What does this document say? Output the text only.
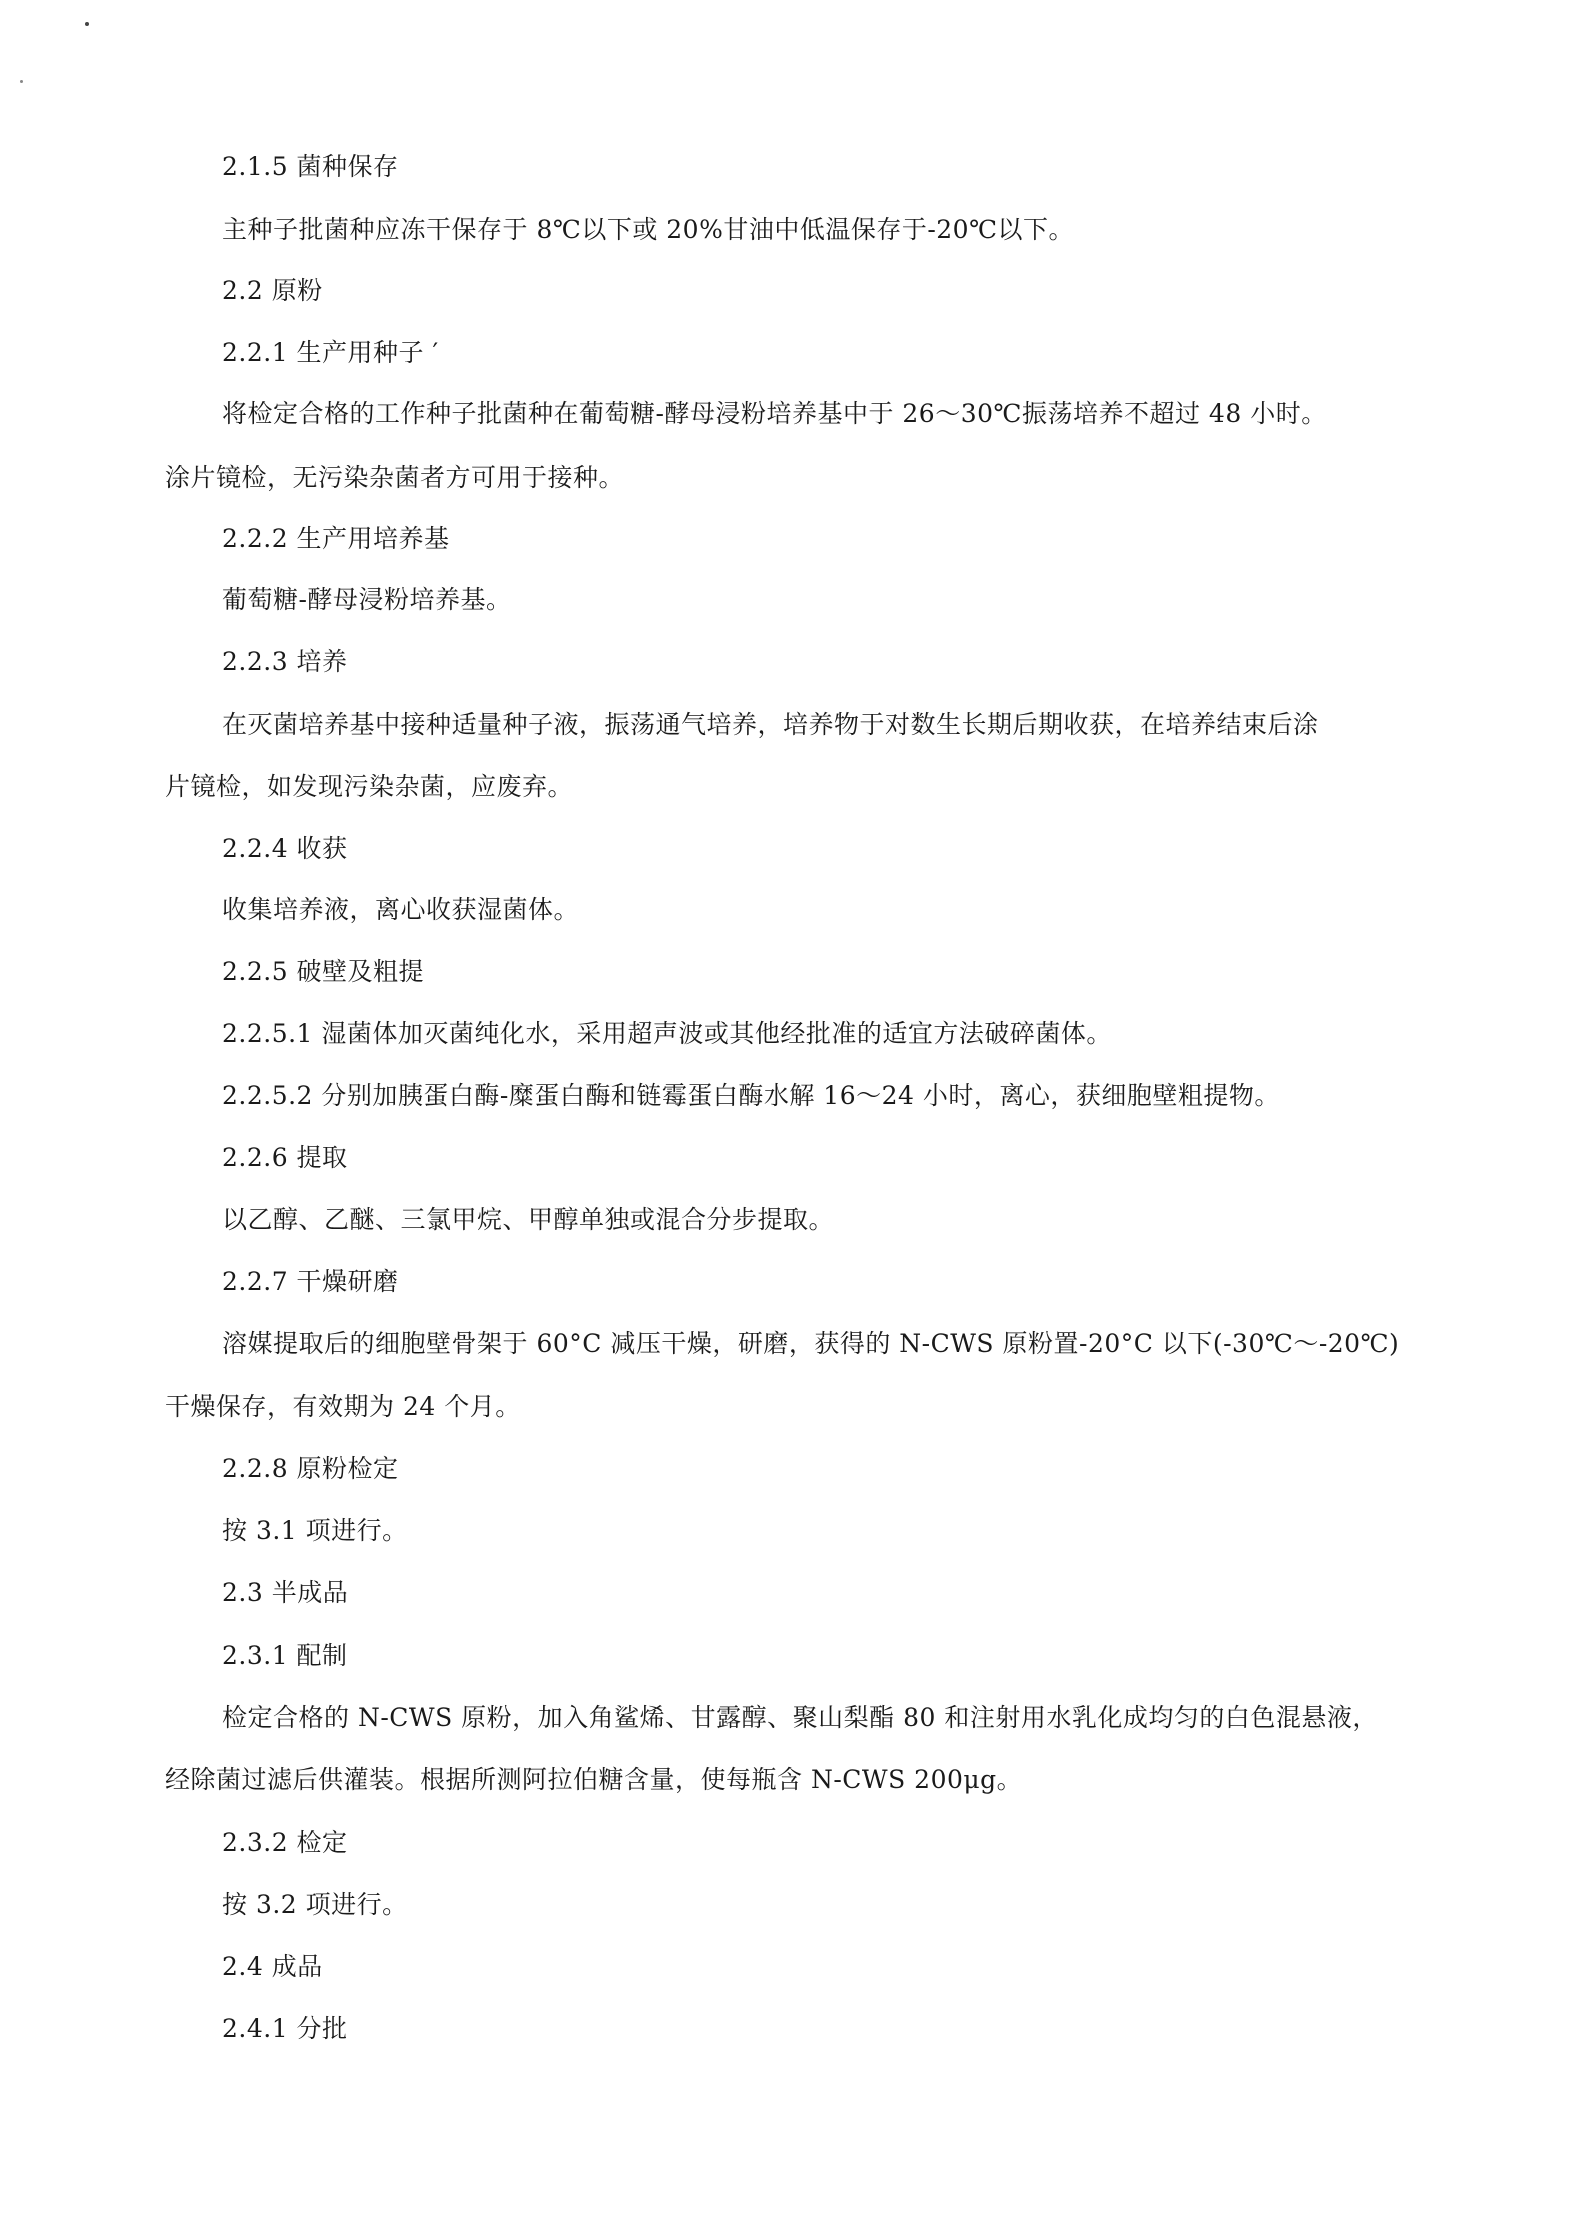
2.1.5 菌种保存
主种子批菌种应冻干保存于 8℃以下或 20%甘油中低温保存于-20℃以下。
2.2 原粉
2.2.1 生产用种子 ′
将检定合格的工作种子批菌种在葡萄糖-酵母浸粉培养基中于 26～30℃振荡培养不超过 48 小时。
涂片镜检，无污染杂菌者方可用于接种。
2.2.2 生产用培养基
葡萄糖-酵母浸粉培养基。
2.2.3 培养
在灭菌培养基中接种适量种子液，振荡通气培养，培养物于对数生长期后期收获，在培养结束后涂
片镜检，如发现污染杂菌，应废弃。
2.2.4 收获
收集培养液，离心收获湿菌体。
2.2.5 破壁及粗提
2.2.5.1 湿菌体加灭菌纯化水，采用超声波或其他经批准的适宜方法破碎菌体。
2.2.5.2 分别加胰蛋白酶-糜蛋白酶和链霉蛋白酶水解 16～24 小时，离心，获细胞壁粗提物。
2.2.6 提取
以乙醇、乙醚、三氯甲烷、甲醇单独或混合分步提取。
2.2.7 干燥研磨
溶媒提取后的细胞壁骨架于 60°C 减压干燥，研磨，获得的 N-CWS 原粉置-20°C 以下(-30℃～-20℃)
干燥保存，有效期为 24 个月。
2.2.8 原粉检定
按 3.1 项进行。
2.3 半成品
2.3.1 配制
检定合格的 N-CWS 原粉，加入角鲨烯、甘露醇、聚山梨酯 80 和注射用水乳化成均匀的白色混悬液，
经除菌过滤后供灌装。根据所测阿拉伯糖含量，使每瓶含 N-CWS 200μg。
2.3.2 检定
按 3.2 项进行。
2.4 成品
2.4.1 分批
